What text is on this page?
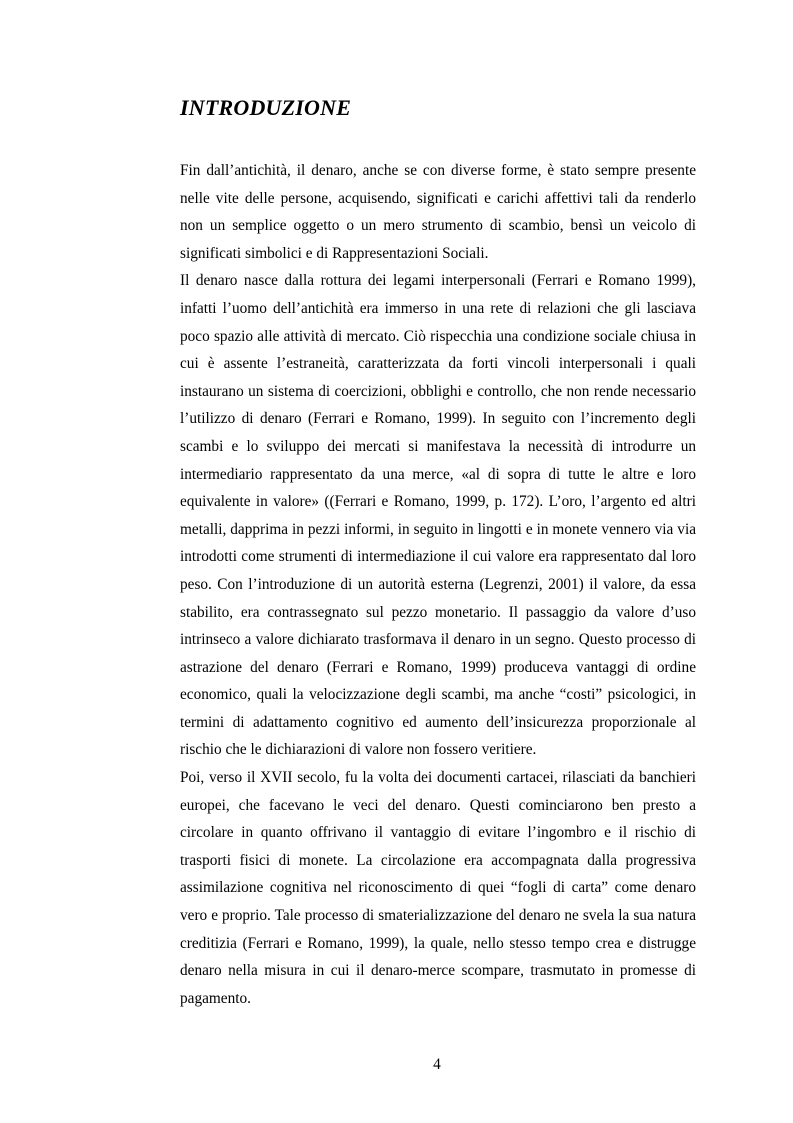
INTRODUZIONE

Fin dall’antichità, il denaro, anche se con diverse forme, è stato sempre presente nelle vite delle persone, acquisendo, significati e carichi affettivi tali da renderlo non un semplice oggetto o un mero strumento di scambio, bensì un veicolo di significati simbolici e di Rappresentazioni Sociali.

Il denaro nasce dalla rottura dei legami interpersonali (Ferrari e Romano 1999), infatti l’uomo dell’antichità era immerso in una rete di relazioni che gli lasciava poco spazio alle attività di mercato. Ciò rispecchia una condizione sociale chiusa in cui è assente l’estraneità, caratterizzata da forti vincoli interpersonali i quali instaurano un sistema di coercizioni, obblighi e controllo, che non rende necessario l’utilizzo di denaro (Ferrari e Romano, 1999). In seguito con l’incremento degli scambi e lo sviluppo dei mercati si manifestava la necessità di introdurre un intermediario rappresentato da una merce, «al di sopra di tutte le altre e loro equivalente in valore» ((Ferrari e Romano, 1999, p. 172). L’oro, l’argento ed altri metalli, dapprima in pezzi informi, in seguito in lingotti e in monete vennero via via introdotti come strumenti di intermediazione il cui valore era rappresentato dal loro peso. Con l’introduzione di un autorità esterna (Legrenzi, 2001) il valore, da essa stabilito, era contrassegnato sul pezzo monetario. Il passaggio da valore d’uso intrinseco a valore dichiarato trasformava il denaro in un segno. Questo processo di astrazione del denaro (Ferrari e Romano, 1999) produceva vantaggi di ordine economico, quali la velocizzazione degli scambi, ma anche “costi” psicologici, in termini di adattamento cognitivo ed aumento dell’insicurezza proporzionale al rischio che le dichiarazioni di valore non fossero veritiere.

Poi, verso il XVII secolo, fu la volta dei documenti cartacei, rilasciati da banchieri europei, che facevano le veci del denaro. Questi cominciarono ben presto a circolare in quanto offrivano il vantaggio di evitare l’ingombro e il rischio di trasporti fisici di monete. La circolazione era accompagnata dalla progressiva assimilazione cognitiva nel riconoscimento di quei “fogli di carta” come denaro vero e proprio. Tale processo di smaterializzazione del denaro ne svela la sua natura creditizia (Ferrari e Romano, 1999), la quale, nello stesso tempo crea e distrugge denaro nella misura in cui il denaro-merce scompare, trasmutato in promesse di pagamento.

4
